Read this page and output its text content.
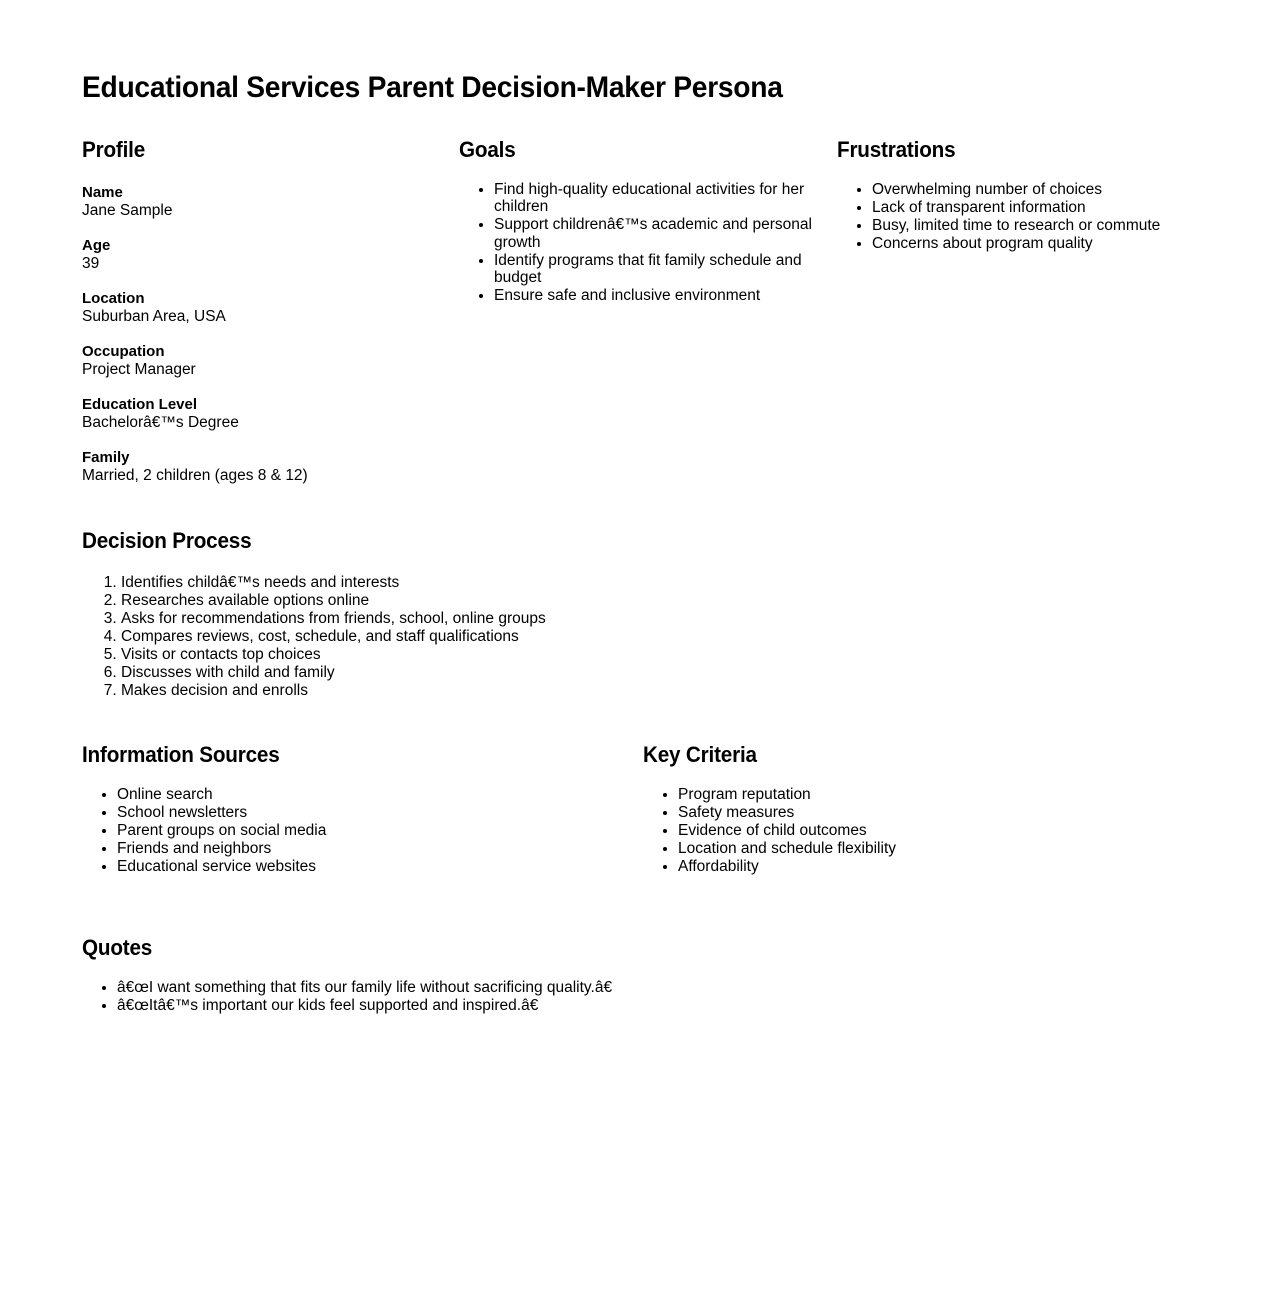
Educational Services Parent Decision-Maker Persona
Profile
Name
Jane Sample
Age
39
Location
Suburban Area, USA
Occupation
Project Manager
Education Level
Bachelorâ€™s Degree
Family
Married, 2 children (ages 8 & 12)
Goals
• Find high-quality educational activities for her children
• Support childrenâ€™s academic and personal growth
• Identify programs that fit family schedule and budget
• Ensure safe and inclusive environment
Frustrations
• Overwhelming number of choices
• Lack of transparent information
• Busy, limited time to research or commute
• Concerns about program quality
Decision Process
1. Identifies childâ€™s needs and interests
2. Researches available options online
3. Asks for recommendations from friends, school, online groups
4. Compares reviews, cost, schedule, and staff qualifications
5. Visits or contacts top choices
6. Discusses with child and family
7. Makes decision and enrolls
Information Sources
• Online search
• School newsletters
• Parent groups on social media
• Friends and neighbors
• Educational service websites
Key Criteria
• Program reputation
• Safety measures
• Evidence of child outcomes
• Location and schedule flexibility
• Affordability
Quotes
• â€œI want something that fits our family life without sacrificing quality.â€
• â€œItâ€™s important our kids feel supported and inspired.â€
